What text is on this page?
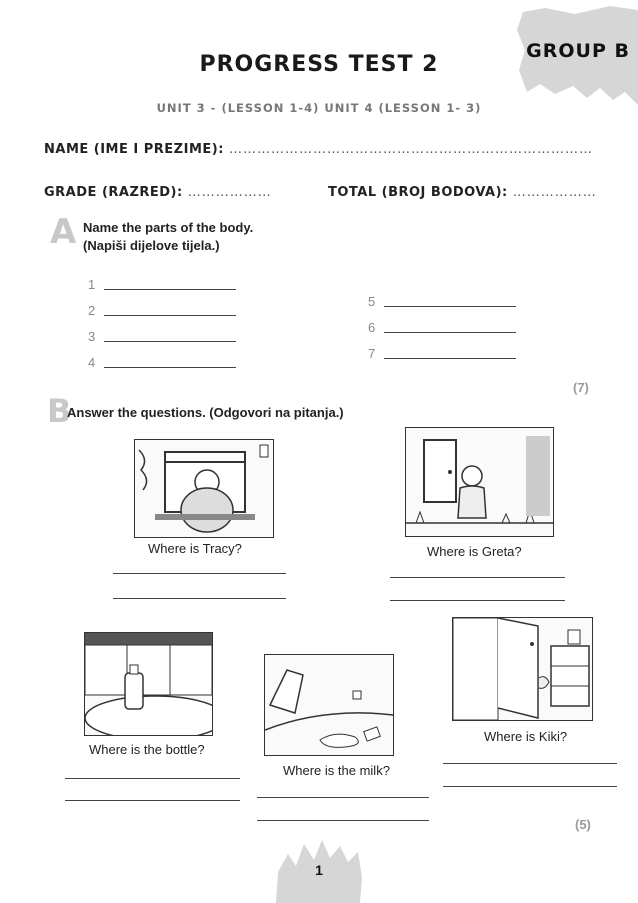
PROGRESS TEST 2
GROUP B
UNIT 3 - (LESSON 1-4) UNIT 4 (LESSON 1- 3)
NAME (IME I PREZIME): ……………………………………………………………………
GRADE (RAZRED): ………………	TOTAL (BROJ BODOVA): ………………
A Name the parts of the body.
(Napiši dijelove tijela.)
1
2
3
4
5
6
7
(7)
B
Answer the questions. (Odgovori na pitanja.)
Where is Tracy?	Where is Greta?
Where is the bottle?
Where is the milk?
Where is Kiki?
(5)
1
